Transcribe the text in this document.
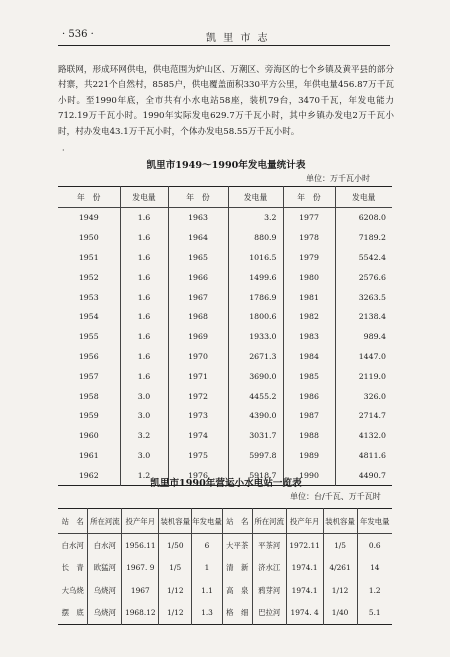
· 536 ·	凯 里 市 志

路联网，形成环网供电，供电范围为炉山区、万潮区、旁海区的七个乡镇及黄平县的部分村寨，共221个自然村，8585户，供电覆盖面积330平方公里，年供电量456.87万千瓦小时。至1990年底，全市共有小水电站58座，装机79台，3470千瓦，年发电能力712.19万千瓦小时。1990年实际发电629.7万千瓦小时，其中乡镇办发电2万千瓦小时，村办发电43.1万千瓦小时，个体办发电58.55万千瓦小时。

·
凯里市1949～1990年发电量统计表
单位：万千瓦小时
年　份	发电量	年　份	发电量	年　份	发电量
1949	1.6	1963	3.2	1977	6208.0
1950	1.6	1964	880.9	1978	7189.2
1951	1.6	1965	1016.5	1979	5542.4
1952	1.6	1966	1499.6	1980	2576.6
1953	1.6	1967	1786.9	1981	3263.5
1954	1.6	1968	1800.6	1982	2138.4
1955	1.6	1969	1933.0	1983	989.4
1956	1.6	1970	2671.3	1984	1447.0
1957	1.6	1971	3690.0	1985	2119.0
1958	3.0	1972	4455.2	1986	326.0
1959	3.0	1973	4390.0	1987	2714.7
1960	3.2	1974	3031.7	1988	4132.0
1961	3.0	1975	5997.8	1989	4811.6
1962	1.2	1976	5918.7	1990	4490.7
凯里市1990年营运小水电站一览表
单位：台/千瓦、万千瓦时
站　名	所在河流	投产年月	装机容量	年发电量	站　名	所在河流	投产年月	装机容量	年发电量
白水河	白水河	1956.11	1/50	6	大平茶	平茶河	1972.11	1/5	0.6
长　青	欧猛河	1967. 9	1/5	1	清　新	济水江	1974.1	4/261	14
大乌烧	乌烧河	1967	1/12	1.1	高　泉	鸦芽河	1974.1	1/12	1.2
摆　底	乌烧河	1968.12	1/12	1.3	格　细	巴拉河	1974. 4	1/40	5.1
